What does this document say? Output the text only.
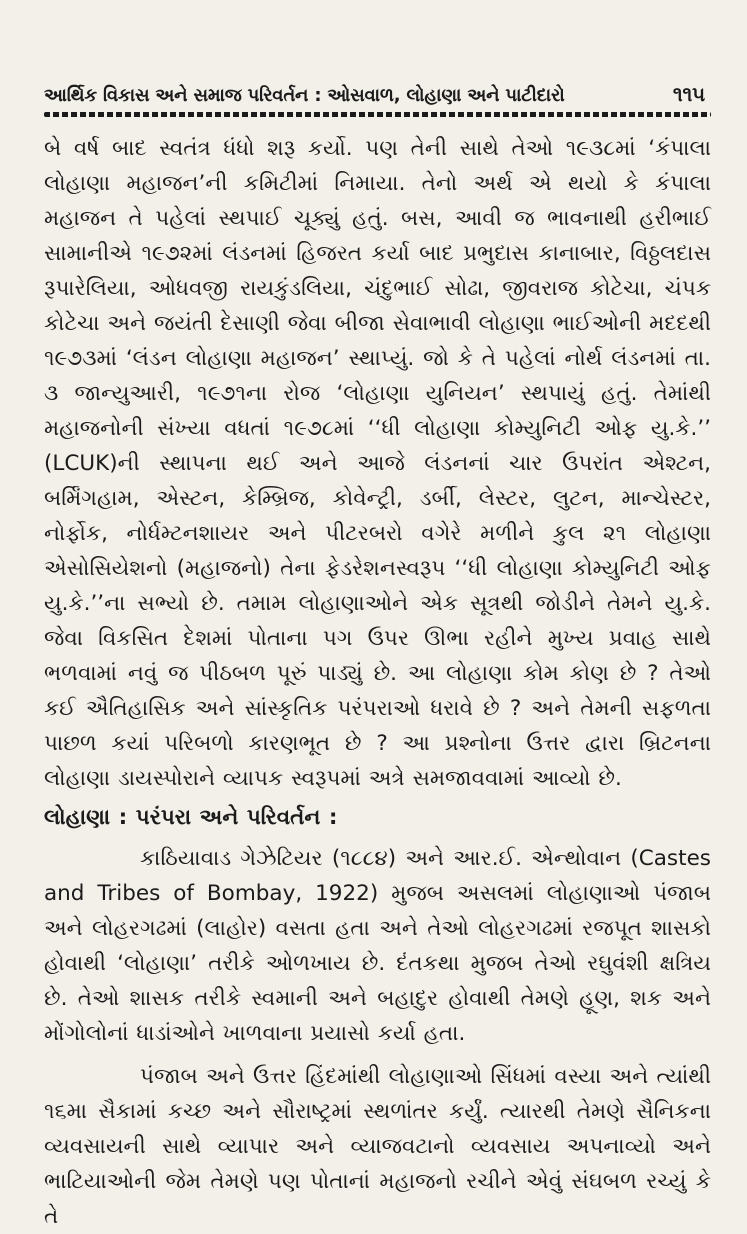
આર્થિક વિકાસ અને સમાજ પરિવર્તન : ઓસવાળ, લોહાણા અને પાટીદારો	૧૧૫

બે વર્ષ બાદ સ્વતંત્ર ધંધો શરૂ કર્યો. પણ તેની સાથે તેઓ ૧૯૩૮માં ‘કંપાલા લોહાણા મહાજન’ની કમિટીમાં નિમાયા. તેનો અર્થ એ થયો કે કંપાલા મહાજન તે પહેલાં સ્થપાઈ ચૂક્યું હતું. બસ, આવી જ ભાવનાથી હરીભાઈ સામાનીએ ૧૯૭૨માં લંડનમાં હિજરત કર્યા બાદ પ્રભુદાસ કાનાબાર, વિઠ્ઠલદાસ રૂપારેલિયા, ઓધવજી રાયકુંડલિયા, ચંદુભાઈ સોઢા, જીવરાજ કોટેચા, ચંપક કોટેચા અને જયંતી દેસાણી જેવા બીજા સેવાભાવી લોહાણા ભાઈઓની મદદથી ૧૯૭૩માં ‘લંડન લોહાણા મહાજન’ સ્થાપ્યું. જો કે તે પહેલાં નોર્થ લંડનમાં તા. ૩ જાન્યુઆરી, ૧૯૭૧ના રોજ ‘લોહાણા યુનિયન’ સ્થપાયું હતું. તેમાંથી મહાજનોની સંખ્યા વધતાં ૧૯૭૮માં ‘‘ધી લોહાણા કોમ્યુનિટી ઓફ યુ.કે.’’ (LCUK)ની સ્થાપના થઈ અને આજે લંડનનાં ચાર ઉપરાંત એશ્ટન, બર્મિંગહામ, એસ્ટન, કેમ્બ્રિજ, કોવેન્ટ્રી, ડર્બી, લેસ્ટર, લુટન, માન્ચેસ્ટર, નોર્ફોક, નોર્ધમ્ટનશાયર અને પીટરબરો વગેરે મળીને કુલ ૨૧ લોહાણા એસોસિયેશનો (મહાજનો) તેના ફેડરેશનસ્વરૂપ ‘‘ધી લોહાણા કોમ્યુનિટી ઓફ યુ.કે.’’ના સભ્યો છે. તમામ લોહાણાઓને એક સૂત્રથી જોડીને તેમને યુ.કે. જેવા વિકસિત દેશમાં પોતાના પગ ઉપર ઊભા રહીને મુખ્ય પ્રવાહ સાથે ભળવામાં નવું જ પીઠબળ પૂરું પાડ્યું છે. આ લોહાણા કોમ કોણ છે ? તેઓ કઈ ઐતિહાસિક અને સાંસ્કૃતિક પરંપરાઓ ધરાવે છે ? અને તેમની સફળતા પાછળ કયાં પરિબળો કારણભૂત છે ? આ પ્રશ્નોના ઉત્તર દ્વારા બ્રિટનના લોહાણા ડાયસ્પોરાને વ્યાપક સ્વરૂપમાં અત્રે સમજાવવામાં આવ્યો છે.

લોહાણા : પરંપરા અને પરિવર્તન :

કાઠિયાવાડ ગેઝેટિયર (૧૮૮૪) અને આર.ઈ. એન્થોવાન (Castes and Tribes of Bombay, 1922) મુજબ અસલમાં લોહાણાઓ પંજાબ અને લોહરગઢમાં (લાહોર) વસતા હતા અને તેઓ લોહરગઢમાં રજપૂત શાસકો હોવાથી ‘લોહાણા’ તરીકે ઓળખાય છે. દંતકથા મુજબ તેઓ રઘુવંશી ક્ષત્રિય છે. તેઓ શાસક તરીકે સ્વમાની અને બહાદુર હોવાથી તેમણે હૂણ, શક અને મોંગોલોનાં ધાડાંઓને ખાળવાના પ્રયાસો કર્યા હતા.

પંજાબ અને ઉત્તર હિંદમાંથી લોહાણાઓ સિંધમાં વસ્યા અને ત્યાંથી ૧૬મા સૈકામાં કચ્છ અને સૌરાષ્ટ્રમાં સ્થળાંતર કર્યું. ત્યારથી તેમણે સૈનિકના વ્યવસાયની સાથે વ્યાપાર અને વ્યાજવટાનો વ્યવસાય અપનાવ્યો અને ભાટિયાઓની જેમ તેમણે પણ પોતાનાં મહાજનો રચીને એવું સંઘબળ રચ્યું કે તે
